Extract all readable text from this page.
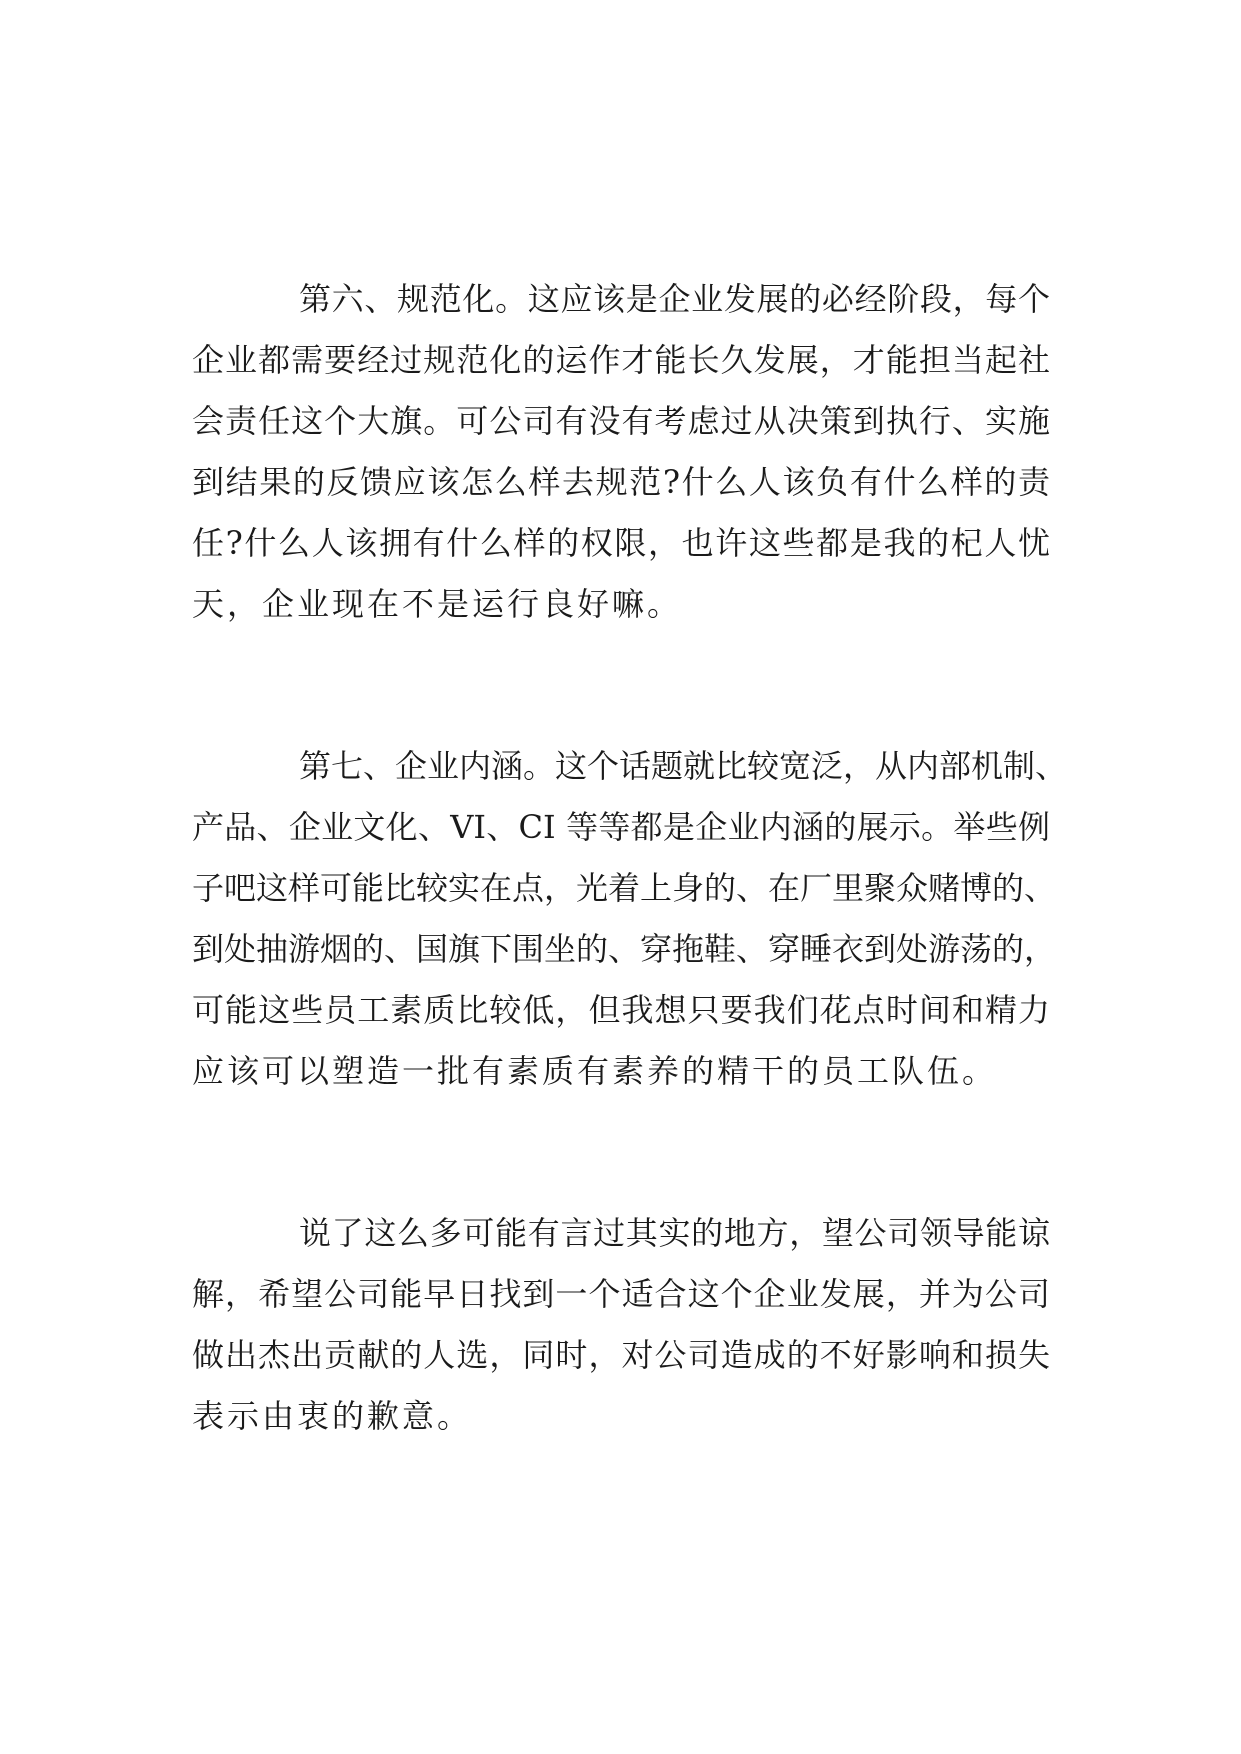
第六、规范化。这应该是企业发展的必经阶段，每个
企业都需要经过规范化的运作才能长久发展，才能担当起社
会责任这个大旗。可公司有没有考虑过从决策到执行、实施
到结果的反馈应该怎么样去规范?什么人该负有什么样的责
任?什么人该拥有什么样的权限，也许这些都是我的杞人忧
天，企业现在不是运行良好嘛。
第七、企业内涵。这个话题就比较宽泛，从内部机制、
产品、企业文化、VI、CI 等等都是企业内涵的展示。举些例
子吧这样可能比较实在点，光着上身的、在厂里聚众赌博的、
到处抽游烟的、国旗下围坐的、穿拖鞋、穿睡衣到处游荡的，
可能这些员工素质比较低，但我想只要我们花点时间和精力
应该可以塑造一批有素质有素养的精干的员工队伍。
说了这么多可能有言过其实的地方，望公司领导能谅
解，希望公司能早日找到一个适合这个企业发展，并为公司
做出杰出贡献的人选，同时，对公司造成的不好影响和损失
表示由衷的歉意。
